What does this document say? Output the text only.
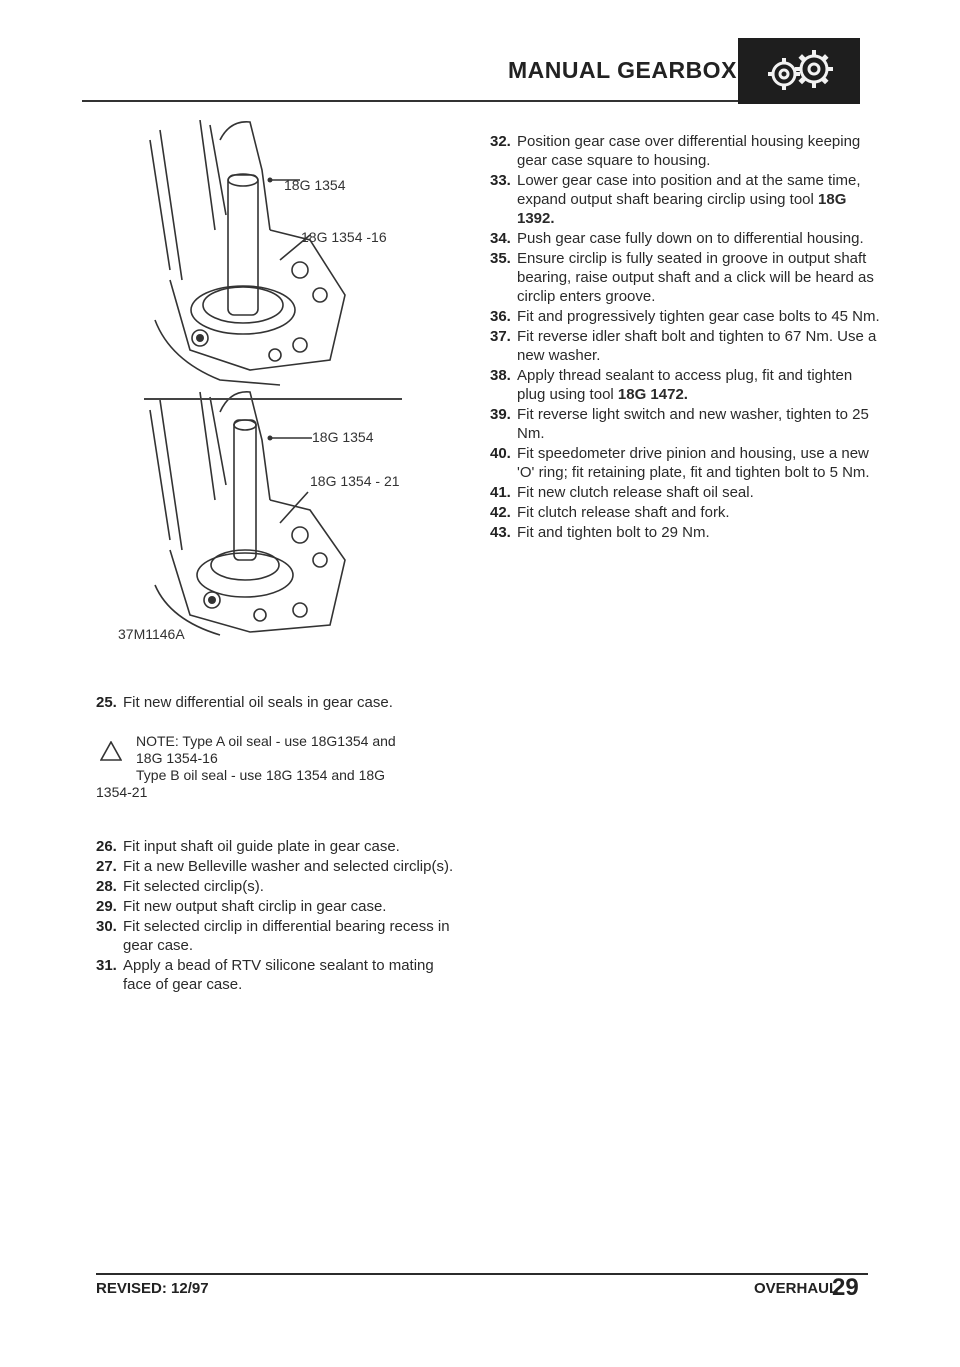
MANUAL GEARBOX
18G 1354
18G 1354 -16
18G 1354
18G 1354 - 21
37M1146A
25. Fit new differential oil seals in gear case.
NOTE: Type A oil seal - use 18G1354 and
18G 1354-16
Type B oil seal - use 18G 1354 and 18G
1354-21
26. Fit input shaft oil guide plate in gear case.
27. Fit a new Belleville washer and selected circlip(s).
28. Fit selected circlip(s).
29. Fit new output shaft circlip in gear case.
30. Fit selected circlip in differential bearing recess in gear case.
31. Apply a bead of RTV silicone sealant to mating face of gear case.
32. Position gear case over differential housing keeping gear case square to housing.
33. Lower gear case into position and at the same time, expand output shaft bearing circlip using tool 18G 1392.
34. Push gear case fully down on to differential housing.
35. Ensure circlip is fully seated in groove in output shaft bearing, raise output shaft and a click will be heard as circlip enters groove.
36. Fit and progressively tighten gear case bolts to 45 Nm.
37. Fit reverse idler shaft bolt and tighten to 67 Nm. Use a new washer.
38. Apply thread sealant to access plug, fit and tighten plug using tool 18G 1472.
39. Fit reverse light switch and new washer, tighten to 25 Nm.
40. Fit speedometer drive pinion and housing, use a new 'O' ring; fit retaining plate, fit and tighten bolt to 5 Nm.
41. Fit new clutch release shaft oil seal.
42. Fit clutch release shaft and fork.
43. Fit and tighten bolt to 29 Nm.
REVISED: 12/97	OVERHAUL
29
